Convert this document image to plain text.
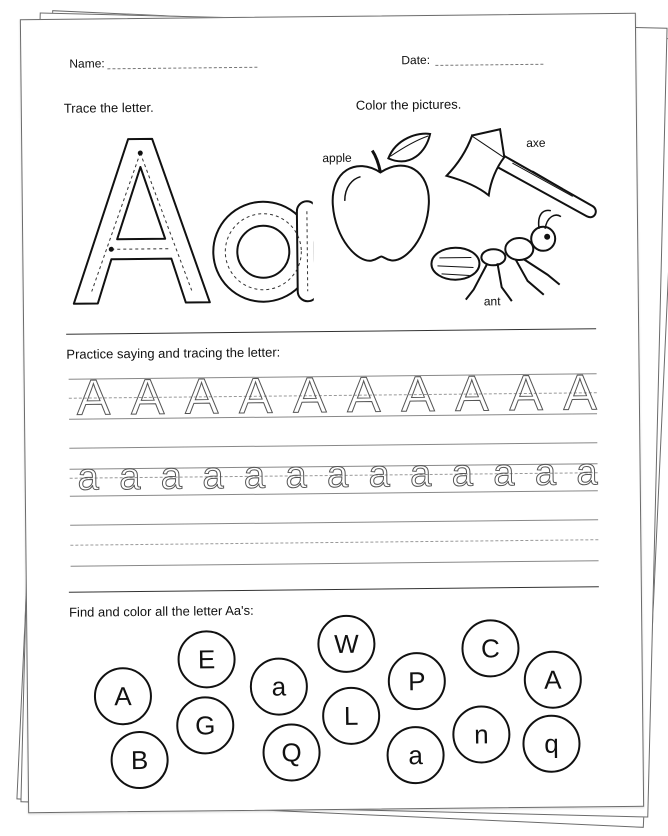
Name:	Date:
Trace the letter.	Color the pictures.
A
apple
axe
ant
Practice saying and tracing the letter:
A A A A A A A A A A
a a a a a a a a a a a a a
Find and color all the letter Aa's:
A
E
a
W
P
C
A
G	L
Q	a
n	q
B
